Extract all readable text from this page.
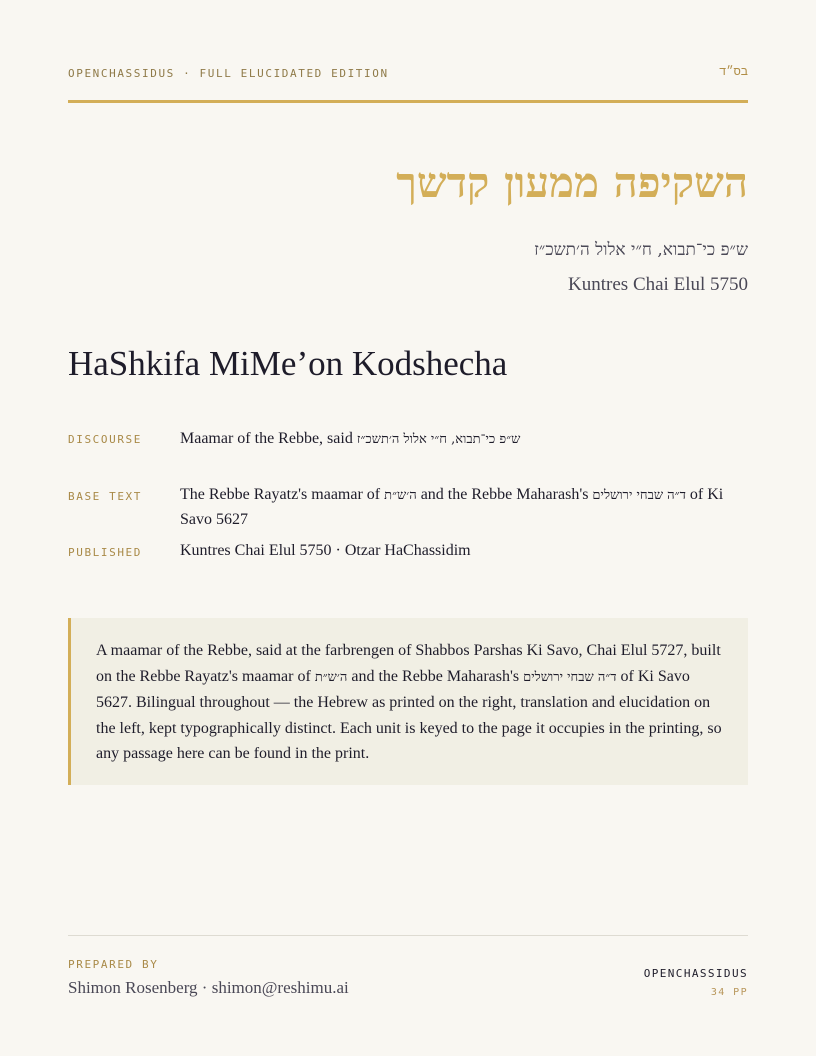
OPENCHASSIDUS · FULL ELUCIDATED EDITION	בס״ד
השקיפה ממעון קדשך
ש״פ כי־תבוא, ח״י אלול ה׳תשכ״ז
Kuntres Chai Elul 5750
HaShkifa MiMe’on Kodshecha
DISCOURSE Maamar of the Rebbe, said ש״פ כי־תבוא, ח״י אלול ה׳תשכ״ז
BASE TEXT The Rebbe Rayatz's maamar of ה׳ש״ת and the Rebbe Maharash's ד״ה שבחי ירושלים of Ki Savo 5627
PUBLISHED Kuntres Chai Elul 5750 · Otzar HaChassidim
A maamar of the Rebbe, said at the farbrengen of Shabbos Parshas Ki Savo, Chai Elul 5727, built on the Rebbe Rayatz's maamar of ה׳ש״ת and the Rebbe Maharash's ד״ה שבחי ירושלים of Ki Savo 5627. Bilingual throughout — the Hebrew as printed on the right, translation and elucidation on the left, kept typographically distinct. Each unit is keyed to the page it occupies in the printing, so any passage here can be found in the print.
PREPARED BY
Shimon Rosenberg · shimon@reshimu.ai
OPENCHASSIDUS
34 PP
